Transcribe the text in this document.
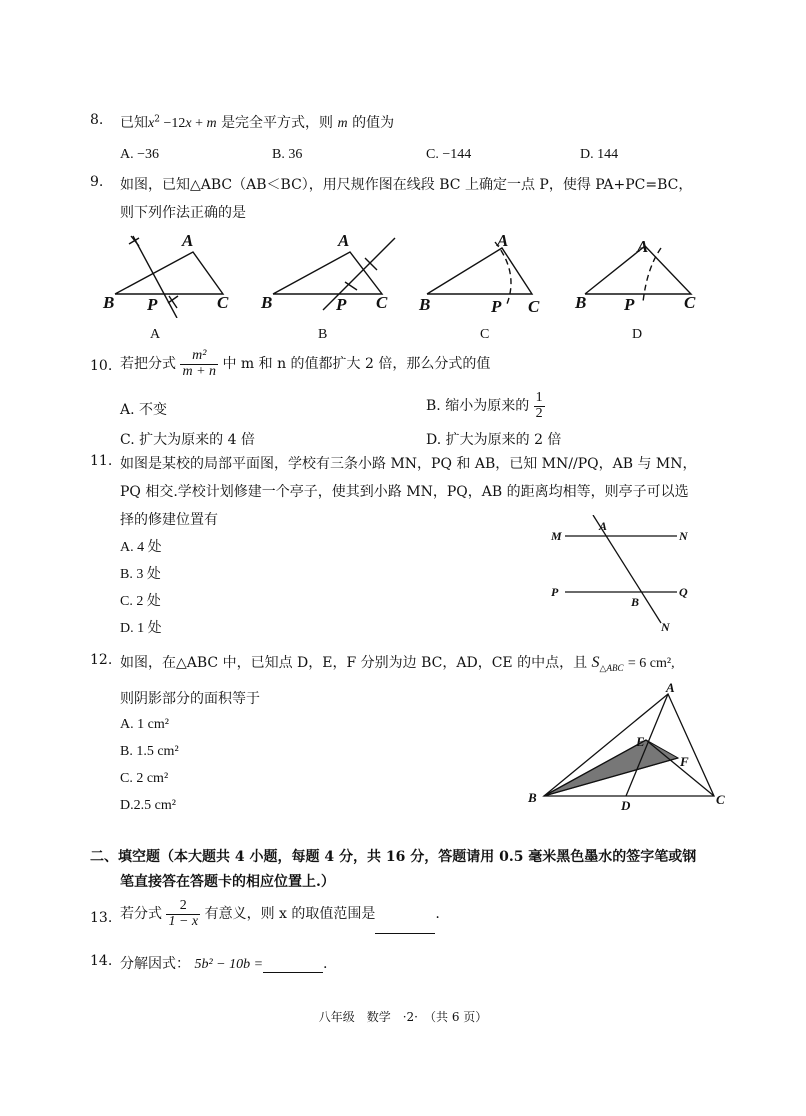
8. 已知$x^2 -12x + m$ 是完全平方式，则 m 的值为
A. −36	B. 36	C. −144	D. 144
9. 如图，已知△ABC（AB＜BC），用尺规作图在线段 BC 上确定一点 P，使得 PA+PC=BC，
则下列作法正确的是
A
B P	C
A
B	P C
A
B	P C
A
B P	C
A	B	C	D
10. 若把分式 $\frac{\text{m²}}{m + n}$ 中 m 和 n 的值都扩大 2 倍，那么分式的值
A. 不变	B. 缩小为原来的 $\frac{1}{2}$
C. 扩大为原来的 4 倍	D. 扩大为原来的 2 倍
11. 如图是某校的局部平面图，学校有三条小路 MN，PQ 和 AB，已知 MN//PQ，AB 与 MN，
PQ 相交.学校计划修建一个亭子，使其到小路 MN，PQ，AB 的距离均相等，则亭子可以选
择的修建位置有
A. 4 处
B. 3 处
C. 2 处
D. 1 处
M
A
N
P
B
Q
N
12. 如图，在△ABC 中，已知点 D，E，F 分别为边 BC，AD，CE 的中点，且 $S_{\triangle ABC} = 6$ cm²,
则阴影部分的面积等于
A. 1 cm²
B. 1.5 cm²
C. 2 cm²
D.2.5 cm²
A
B	C
D
E
F
二、填空题（本大题共 4 小题，每题 4 分，共 16 分，答题请用 0.5 毫米黑色墨水的签字笔或钢
笔直接答在答题卡的相应位置上.）
13. 若分式 $\frac{2}{1 - x}$ 有意义，则 x 的取值范围是	.
14. 分解因式： 5b² − 10b =	.
八年级　数学　·2·　（共 6 页）
